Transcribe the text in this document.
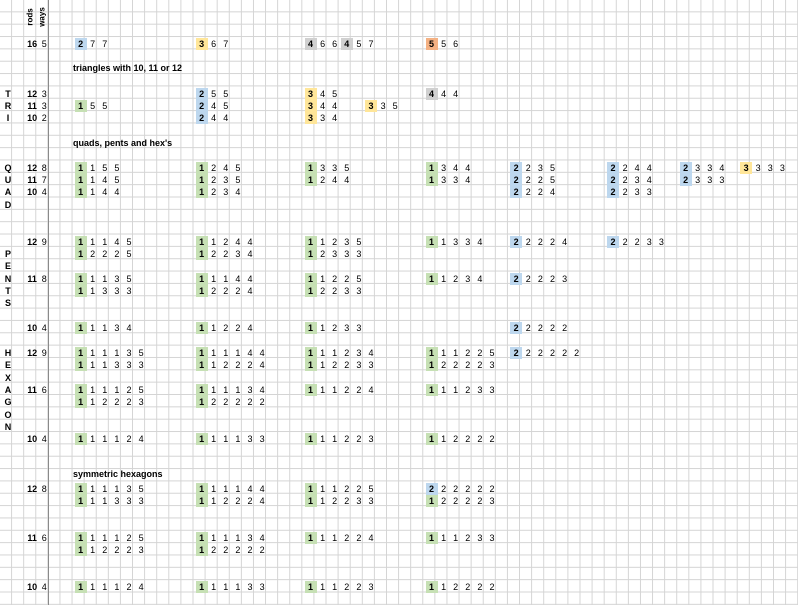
rods ways
triangles with 10, 11 or 12
quads, pents and hex's
symmetric hexagons
T
R
I
Q
U
A
D
P
E
N
T
S
H
E
X
A
G
O
N
16 5	2 7 7	3 6 7	4 6 6 4 5 7	5 5 6
12 3	2 5 5	3 4 5	4 4 4
11 3	1 5 5	2 4 5	3 4 4	3 3 5
10 2	2 4 4	3 3 4
12 8	1 1 5 5	1 2 4 5	1 3 3 5	1 3 4 4	2 2 3 5	2 2 4 4	2 3 3 4	3 3 3 3
11 7	1 1 4 5	1 2 3 5	1 2 4 4	1 3 3 4	2 2 2 5	2 2 3 4	2 3 3 3
10 4	1 1 4 4	1 2 3 4	2 2 2 4	2 2 3 3
12 9	1 1 1 4 5	1 1 2 4 4	1 1 2 3 5	1 1 3 3 4	2 2 2 2 4	2 2 2 3 3
1 2 2 2 5	1 2 2 3 4	1 2 3 3 3
11 8	1 1 1 3 5	1 1 1 4 4	1 1 2 2 5	1 1 2 3 4	2 2 2 2 3
1 1 3 3 3	1 2 2 2 4	1 2 2 3 3
10 4	1 1 1 3 4	1 1 2 2 4	1 1 2 3 3	2 2 2 2 2
12 9	1 1 1 1 3 5	1 1 1 1 4 4	1 1 1 2 3 4	1 1 1 2 2 5	2 2 2 2 2 2
1 1 1 3 3 3	1 1 2 2 2 4	1 1 2 2 3 3	1 2 2 2 2 3
11 6	1 1 1 1 2 5	1 1 1 1 3 4	1 1 1 2 2 4	1 1 1 2 3 3
1 1 2 2 2 3	1 2 2 2 2 2
10 4	1 1 1 1 2 4	1 1 1 1 3 3	1 1 1 2 2 3	1 1 2 2 2 2
12 8	1 1 1 1 3 5	1 1 1 1 4 4	1 1 1 2 2 5	2 2 2 2 2 2
1 1 1 3 3 3	1 1 2 2 2 4	1 1 2 2 3 3	1 2 2 2 2 3
11 6	1 1 1 1 2 5	1 1 1 1 3 4	1 1 1 2 2 4	1 1 1 2 3 3
1 1 2 2 2 3	1 2 2 2 2 2
10 4	1 1 1 1 2 4	1 1 1 1 3 3	1 1 1 2 2 3	1 1 2 2 2 2
